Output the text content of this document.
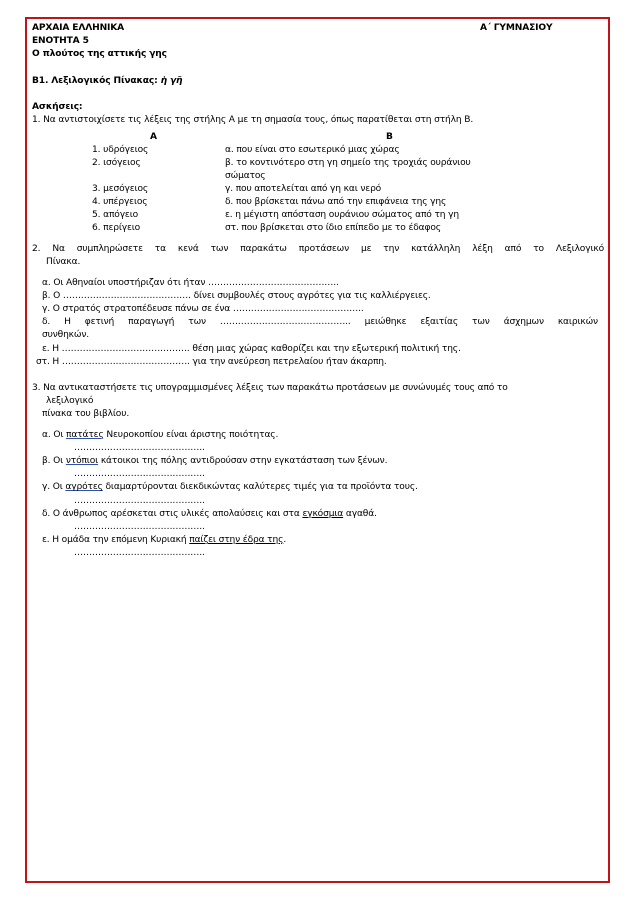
ΑΡΧΑΙΑ ΕΛΛΗΝΙΚΑ	Α΄ ΓΥΜΝΑΣΙΟΥ
ΕΝΟΤΗΤΑ 5
Ο πλούτος της αττικής γης
Β1. Λεξιλογικός Πίνακας: ἡ γῆ
Ασκήσεις:
1. Να αντιστοιχίσετε τις λέξεις της στήλης Α με τη σημασία τους, όπως παρατίθεται στη στήλη Β.
Α	Β
1. υδρόγειος
2. ισόγειος
3. μεσόγειος
4. υπέργειος
5. απόγειο
6. περίγειο
α. που είναι στο εσωτερικό μιας χώρας
β. το κοντινότερο στη γη σημείο της τροχιάς ουράνιου
σώματος
γ. που αποτελείται από γη και νερό
δ. που βρίσκεται πάνω από την επιφάνεια της γης
ε. η μέγιστη απόσταση ουράνιου σώματος από τη γη
στ. που βρίσκεται στο ίδιο επίπεδο με το έδαφος
2. Να συμπληρώσετε τα κενά των παρακάτω προτάσεων με την κατάλληλη λέξη από το Λεξιλογικό
Πίνακα.
α. Οι Αθηναίοι υποστήριζαν ότι ήταν ……………………………………..
β. Ο ……………………………………. δίνει συμβουλές στους αγρότες για τις καλλιέργειες.
γ. Ο στρατός στρατοπέδευσε πάνω σε ένα ……………………………………..
δ. Η φετινή παραγωγή των …………………………………….. μειώθηκε εξαιτίας των άσχημων καιρικών
συνθηκών.
ε. Η ……………………………………. θέση μιας χώρας καθορίζει και την εξωτερική πολιτική της.
στ. Η ……………………………………. για την ανεύρεση πετρελαίου ήταν άκαρπη.
3. Να αντικαταστήσετε τις υπογραμμισμένες λέξεις των παρακάτω προτάσεων με συνώνυμές τους από το
λεξιλογικό
πίνακα του βιβλίου.
α. Οι πατάτες Νευροκοπίου είναι άριστης ποιότητας.
……………………………………..
β. Οι ντόπιοι κάτοικοι της πόλης αντιδρούσαν στην εγκατάσταση των ξένων.
……………………………………..
γ. Οι αγρότες διαμαρτύρονται διεκδικώντας καλύτερες τιμές για τα προϊόντα τους.
……………………………………..
δ. Ο άνθρωπος αρέσκεται στις υλικές απολαύσεις και στα εγκόσμια αγαθά.
……………………………………..
ε. Η ομάδα την επόμενη Κυριακή παίζει στην έδρα της.
……………………………………..
